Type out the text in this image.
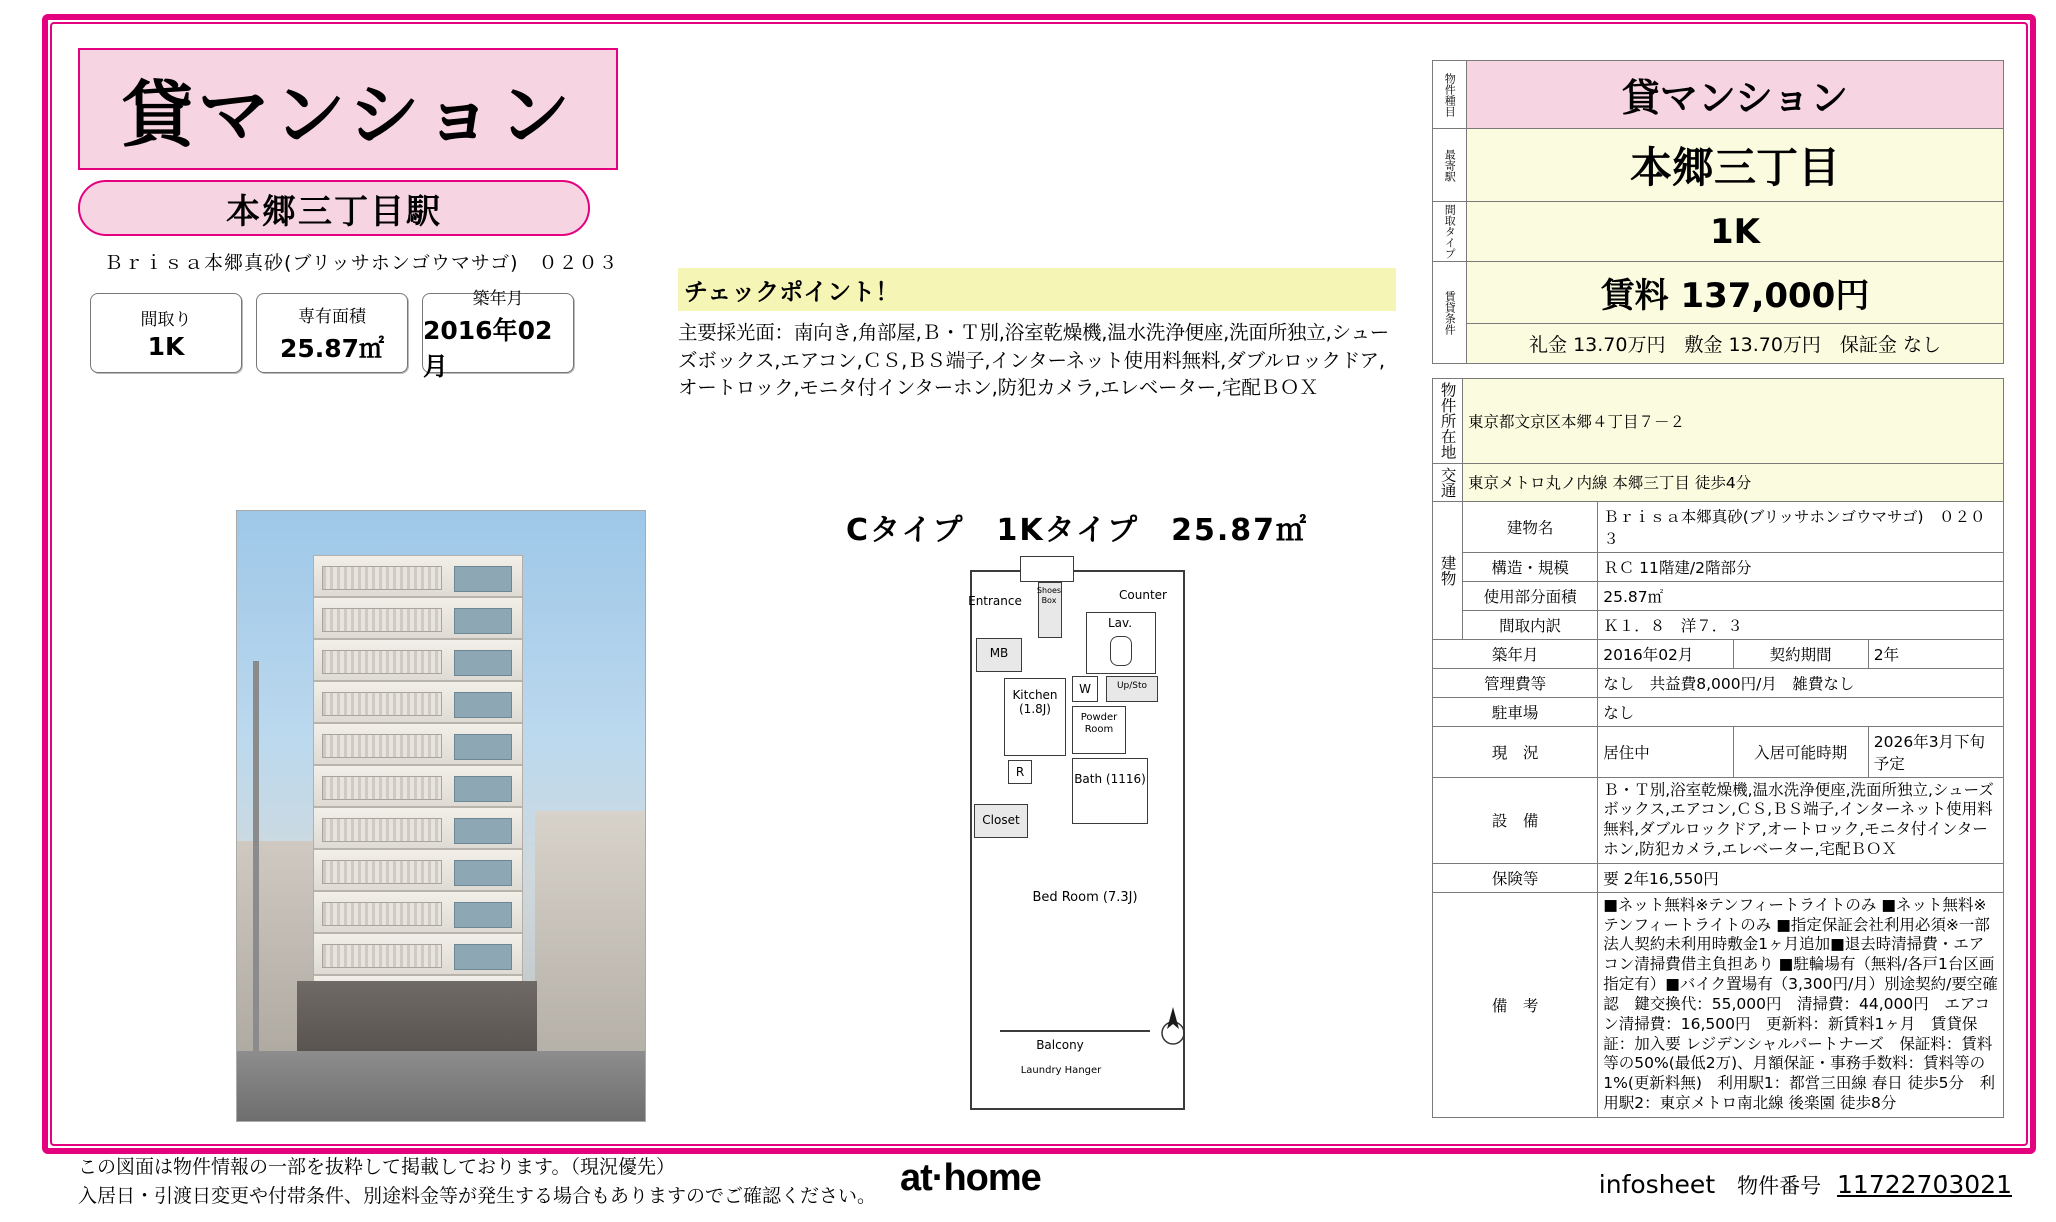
貸マンション
本郷三丁目駅
Ｂｒｉｓａ本郷真砂(ブリッサホンゴウマサゴ)　０２０３
間取り
1K
専有面積
25.87㎡
築年月
2016年02月
チェックポイント！
主要採光面：南向き,角部屋,Ｂ・Ｔ別,浴室乾燥機,温水洗浄便座,洗面所独立,シューズボックス,エアコン,ＣＳ,ＢＳ端子,インターネット使用料無料,ダブルロックドア,オートロック,モニタ付インターホン,防犯カメラ,エレベーター,宅配ＢＯＸ
Cタイプ　1Kタイプ　25.87㎡
Entrance	Counter
Shoes Box
Lav.
MB
Kitchen (1.8J)
W	Up/Sto
Powder Room
R	Bath (1116)
Closet
Bed Room (7.3J)
Balcony
Laundry Hanger
物件種目	貸マンション
最寄駅	本郷三丁目
間取タイプ	1K
賃貸条件	賃料 137,000円
	礼金 13.70万円　敷金 13.70万円　保証金 なし
物件所在地	東京都文京区本郷４丁目７－２			
交通	東京メトロ丸ノ内線 本郷三丁目 徒歩4分			
建物	建物名	Ｂｒｉｓａ本郷真砂(ブリッサホンゴウマサゴ)　０２０３		
	構造・規模	ＲＣ 11階建/2階部分		
	使用部分面積	25.87㎡		
	間取内訳	Ｋ１．８　洋７．３		
築年月		2016年02月	契約期間	2年
管理費等		なし　共益費8,000円/月　雑費なし		
駐車場		なし		
現　況		居住中	入居可能時期	2026年3月下旬予定
設　備		Ｂ・Ｔ別,浴室乾燥機,温水洗浄便座,洗面所独立,シューズボックス,エアコン,ＣＳ,ＢＳ端子,インターネット使用料無料,ダブルロックドア,オートロック,モニタ付インターホン,防犯カメラ,エレベーター,宅配ＢＯＸ		
保険等		要 2年16,550円		
備　考		■ネット無料※テンフィートライトのみ ■ネット無料※テンフィートライトのみ ■指定保証会社利用必須※一部法人契約未利用時敷金1ヶ月追加■退去時清掃費・エアコン清掃費借主負担あり ■駐輪場有（無料/各戸1台区画指定有）■バイク置場有（3,300円/月）別途契約/要空確認　鍵交換代：55,000円　清掃費：44,000円　エアコン清掃費：16,500円　更新料：新賃料1ヶ月　賃貸保証：加入要 レジデンシャルパートナーズ　保証料：賃料等の50%(最低2万)、月額保証・事務手数料：賃料等の1%(更新料無)　利用駅1：都営三田線 春日 徒歩5分　利用駅2：東京メトロ南北線 後楽園 徒歩8分		
この図面は物件情報の一部を抜粋して掲載しております。（現況優先）
入居日・引渡日変更や付帯条件、別途料金等が発生する場合もありますのでご確認ください。 at·home	infosheet 物件番号 11722703021
